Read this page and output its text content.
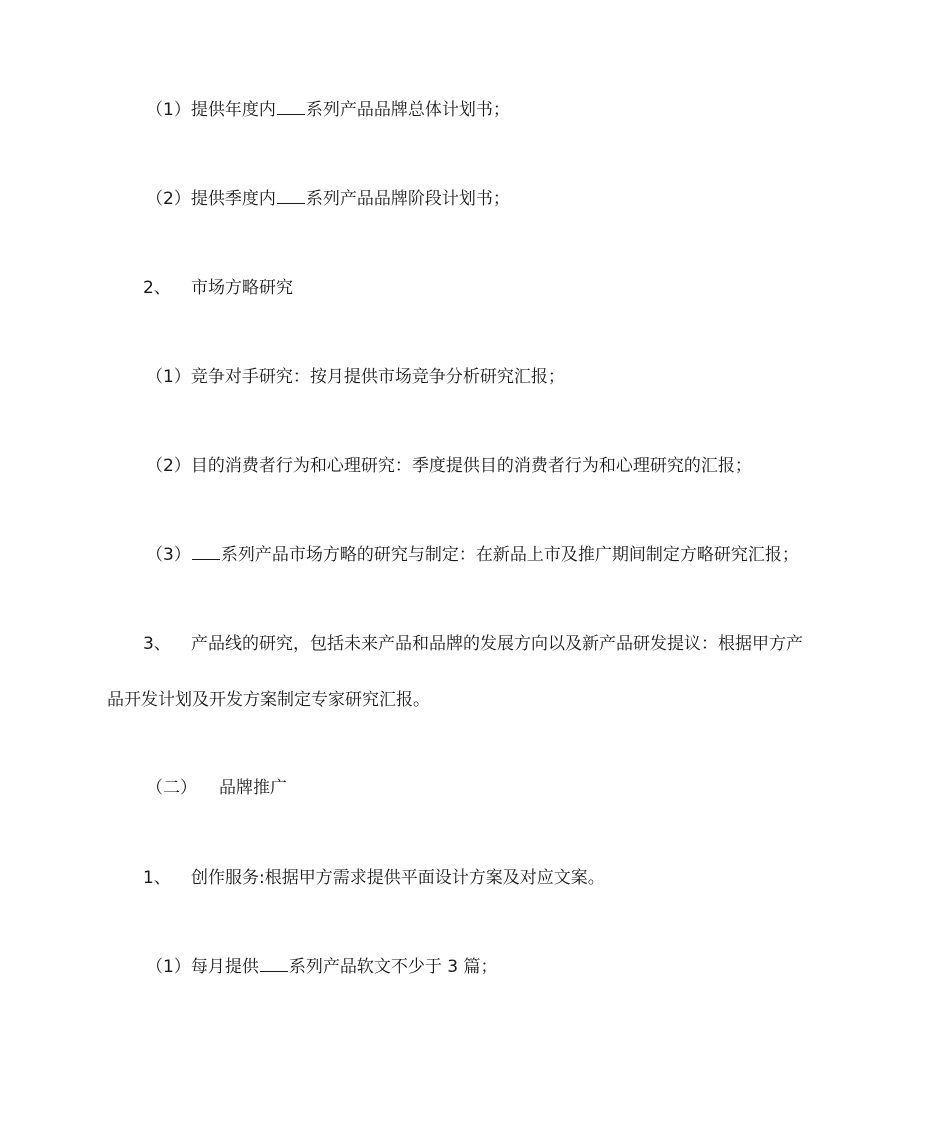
（1）提供年度内 系列产品品牌总体计划书；
（2）提供季度内 系列产品品牌阶段计划书；
2、 市场方略研究
（1）竞争对手研究：按月提供市场竞争分析研究汇报；
（2）目的消费者行为和心理研究：季度提供目的消费者行为和心理研究的汇报；
（3） 系列产品市场方略的研究与制定：在新品上市及推广期间制定方略研究汇报；
3、 产品线的研究，包括未来产品和品牌的发展方向以及新产品研发提议：根据甲方产
品开发计划及开发方案制定专家研究汇报。
（二） 品牌推广
1、 创作服务:根据甲方需求提供平面设计方案及对应文案。
（1）每月提供 系列产品软文不少于 3 篇；
